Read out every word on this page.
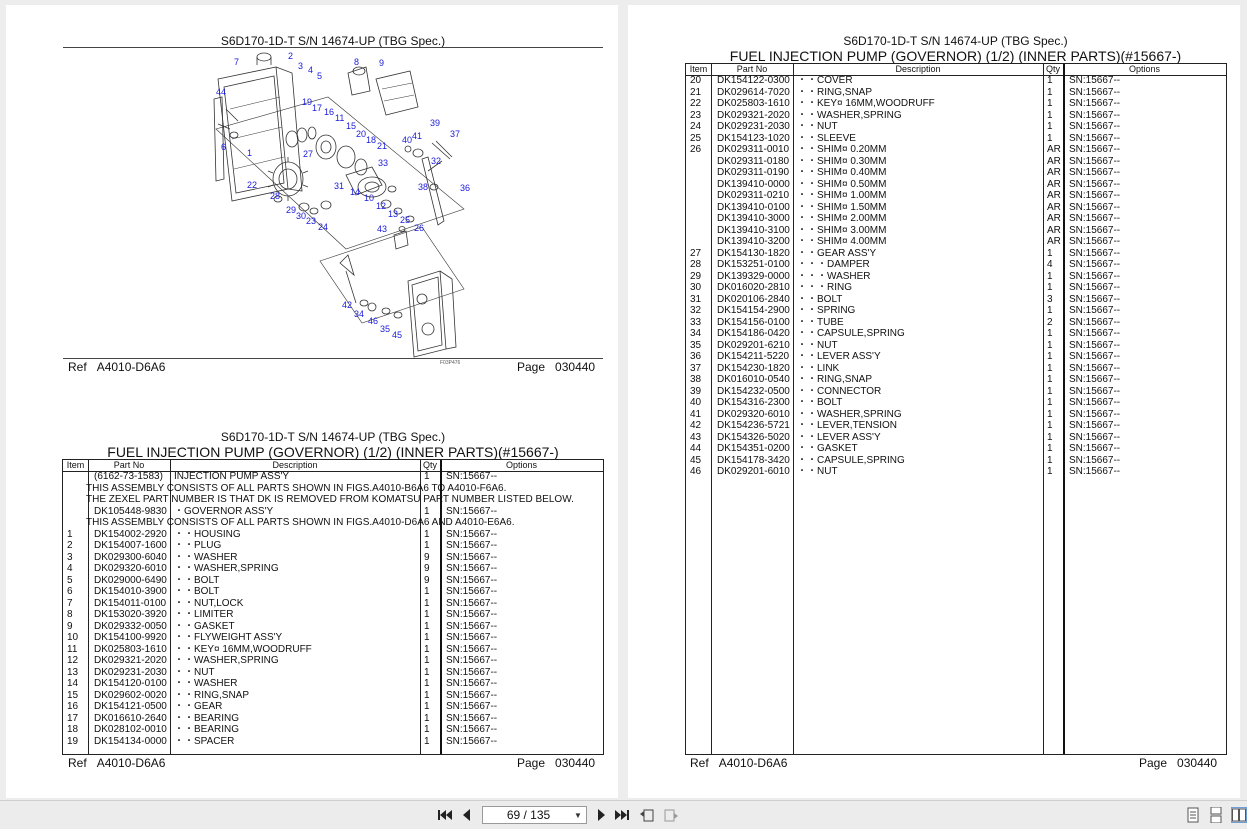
S6D170-1D-T S/N 14674-UP (TBG Spec.)
7
2
3 4
5
8 9
44
19
17 16
11
15
20
18
21
39
40 41	37
6
1	27
33	32
22	31
14
10
38	36
28
29
30 23
24
12
13
25
26
43
42
34
46
35
45
F03P476
Ref A4010-D6A6	Page 030440
S6D170-1D-T S/N 14674-UP (TBG Spec.)
FUEL INJECTION PUMP (GOVERNOR) (1/2) (INNER PARTS)(#15667-)
Item	Part No	Description	Qty	Options
(6162-73-1583) INJECTION PUMP ASS'Y	1 SN:15667--
THIS ASSEMBLY CONSISTS OF ALL PARTS SHOWN IN FIGS.A4010-B6A6 TO A4010-F6A6.
THE ZEXEL PART NUMBER IS THAT DK IS REMOVED FROM KOMATSU PART NUMBER LISTED BELOW.
DK105448-9830 ・GOVERNOR ASS'Y	1 SN:15667--
THIS ASSEMBLY CONSISTS OF ALL PARTS SHOWN IN FIGS.A4010-D6A6 AND A4010-E6A6.
1 DK154002-2920 ・・HOUSING	1 SN:15667--
2 DK154007-1600 ・・PLUG	1 SN:15667--
3 DK029300-6040 ・・WASHER	9 SN:15667--
4 DK029320-6010 ・・WASHER,SPRING	9 SN:15667--
5 DK029000-6490 ・・BOLT	9 SN:15667--
6 DK154010-3900 ・・BOLT	1 SN:15667--
7 DK154011-0100 ・・NUT,LOCK	1 SN:15667--
8 DK153020-3920 ・・LIMITER	1 SN:15667--
9 DK029332-0050 ・・GASKET	1 SN:15667--
10 DK154100-9920 ・・FLYWEIGHT ASS'Y	1 SN:15667--
11 DK025803-1610 ・・KEY¤ 16MM,WOODRUFF	1 SN:15667--
12 DK029321-2020 ・・WASHER,SPRING	1 SN:15667--
13 DK029231-2030 ・・NUT	1 SN:15667--
14 DK154120-0100 ・・WASHER	1 SN:15667--
15 DK029602-0020 ・・RING,SNAP	1 SN:15667--
16 DK154121-0500 ・・GEAR	1 SN:15667--
17 DK016610-2640 ・・BEARING	1 SN:15667--
18 DK028102-0010 ・・BEARING	1 SN:15667--
19 DK154134-0000 ・・SPACER	1 SN:15667--
Ref A4010-D6A6	Page 030440
S6D170-1D-T S/N 14674-UP (TBG Spec.)
FUEL INJECTION PUMP (GOVERNOR) (1/2) (INNER PARTS)(#15667-)
Item	Part No	Description	Qty	Options
20 DK154122-0300 ・・COVER	1 SN:15667--
21 DK029614-7020 ・・RING,SNAP	1 SN:15667--
22 DK025803-1610 ・・KEY¤ 16MM,WOODRUFF	1 SN:15667--
23 DK029321-2020 ・・WASHER,SPRING	1 SN:15667--
24 DK029231-2030 ・・NUT	1 SN:15667--
25 DK154123-1020 ・・SLEEVE	1 SN:15667--
26 DK029311-0010 ・・SHIM¤ 0.20MM	AR SN:15667--
DK029311-0180 ・・SHIM¤ 0.30MM	AR SN:15667--
DK029311-0190 ・・SHIM¤ 0.40MM	AR SN:15667--
DK139410-0000 ・・SHIM¤ 0.50MM	AR SN:15667--
DK029311-0210 ・・SHIM¤ 1.00MM	AR SN:15667--
DK139410-0100 ・・SHIM¤ 1.50MM	AR SN:15667--
DK139410-3000 ・・SHIM¤ 2.00MM	AR SN:15667--
DK139410-3100 ・・SHIM¤ 3.00MM	AR SN:15667--
DK139410-3200 ・・SHIM¤ 4.00MM	AR SN:15667--
27 DK154130-1820 ・・GEAR ASS'Y	1 SN:15667--
28 DK153251-0100 ・・・DAMPER	4 SN:15667--
29 DK139329-0000 ・・・WASHER	1 SN:15667--
30 DK016020-2810 ・・・RING	1 SN:15667--
31 DK020106-2840 ・・BOLT	3 SN:15667--
32 DK154154-2900 ・・SPRING	1 SN:15667--
33 DK154156-0100 ・・TUBE	2 SN:15667--
34 DK154186-0420 ・・CAPSULE,SPRING	1 SN:15667--
35 DK029201-6210 ・・NUT	1 SN:15667--
36 DK154211-5220 ・・LEVER ASS'Y	1 SN:15667--
37 DK154230-1820 ・・LINK	1 SN:15667--
38 DK016010-0540 ・・RING,SNAP	1 SN:15667--
39 DK154232-0500 ・・CONNECTOR	1 SN:15667--
40 DK154316-2300 ・・BOLT	1 SN:15667--
41 DK029320-6010 ・・WASHER,SPRING	1 SN:15667--
42 DK154236-5721 ・・LEVER,TENSION	1 SN:15667--
43 DK154326-5020 ・・LEVER ASS'Y	1 SN:15667--
44 DK154351-0200 ・・GASKET	1 SN:15667--
45 DK154178-3420 ・・CAPSULE,SPRING	1 SN:15667--
46 DK029201-6010 ・・NUT	1 SN:15667--
Ref A4010-D6A6	Page 030440
69 / 135	▼
